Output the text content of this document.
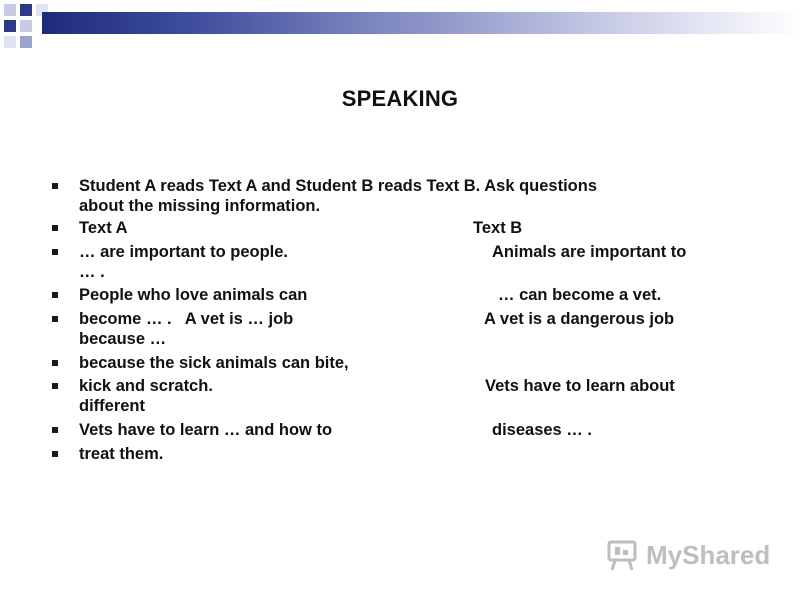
SPEAKING
Student A reads Text A and Student B reads Text B. Ask questions
about the missing information.
Text A	Text B
… are important to people.	Animals are important to
… .
People who love animals can	… can become a vet.
become … .   A vet is … job	A vet is a dangerous job
because …
because the sick animals can bite,
kick and scratch.	Vets have to learn about
different
Vets have to learn … and how to	diseases … .
treat them.
MyShared
